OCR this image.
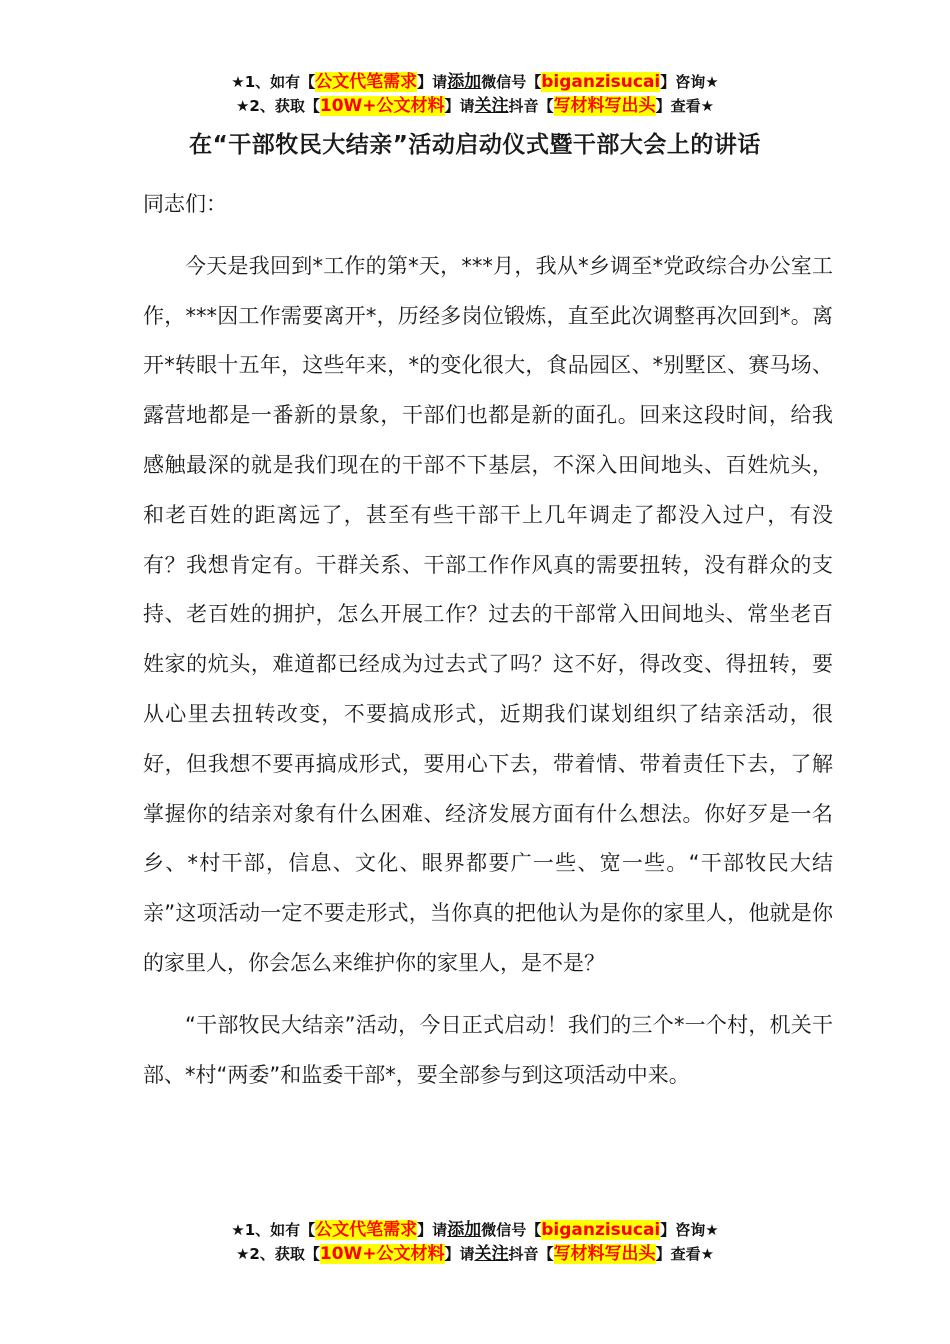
★1、如有【公文代笔需求】请添加微信号【biganzisucai】咨询★
★2、获取【10W+公文材料】请关注抖音【写材料写出头】查看★
在“干部牧民大结亲”活动启动仪式暨干部大会上的讲话

同志们：

今天是我回到*工作的第*天，***月，我从*乡调至*党政综合办公室工作，***因工作需要离开*，历经多岗位锻炼，直至此次调整再次回到*。离开*转眼十五年，这些年来，*的变化很大，食品园区、*别墅区、赛马场、露营地都是一番新的景象，干部们也都是新的面孔。回来这段时间，给我感触最深的就是我们现在的干部不下基层，不深入田间地头、百姓炕头，和老百姓的距离远了，甚至有些干部干上几年调走了都没入过户，有没有？我想肯定有。干群关系、干部工作作风真的需要扭转，没有群众的支持、老百姓的拥护，怎么开展工作？过去的干部常入田间地头、常坐老百姓家的炕头，难道都已经成为过去式了吗？这不好，得改变、得扭转，要从心里去扭转改变，不要搞成形式，近期我们谋划组织了结亲活动，很好，但我想不要再搞成形式，要用心下去，带着情、带着责任下去，了解掌握你的结亲对象有什么困难、经济发展方面有什么想法。你好歹是一名乡、*村干部，信息、文化、眼界都要广一些、宽一些。“干部牧民大结亲”这项活动一定不要走形式，当你真的把他认为是你的家里人，他就是你的家里人，你会怎么来维护你的家里人，是不是？

“干部牧民大结亲”活动，今日正式启动！我们的三个*一个村，机关干部、*村“两委”和监委干部*，要全部参与到这项活动中来。

★1、如有【公文代笔需求】请添加微信号【biganzisucai】咨询★
★2、获取【10W+公文材料】请关注抖音【写材料写出头】查看★
